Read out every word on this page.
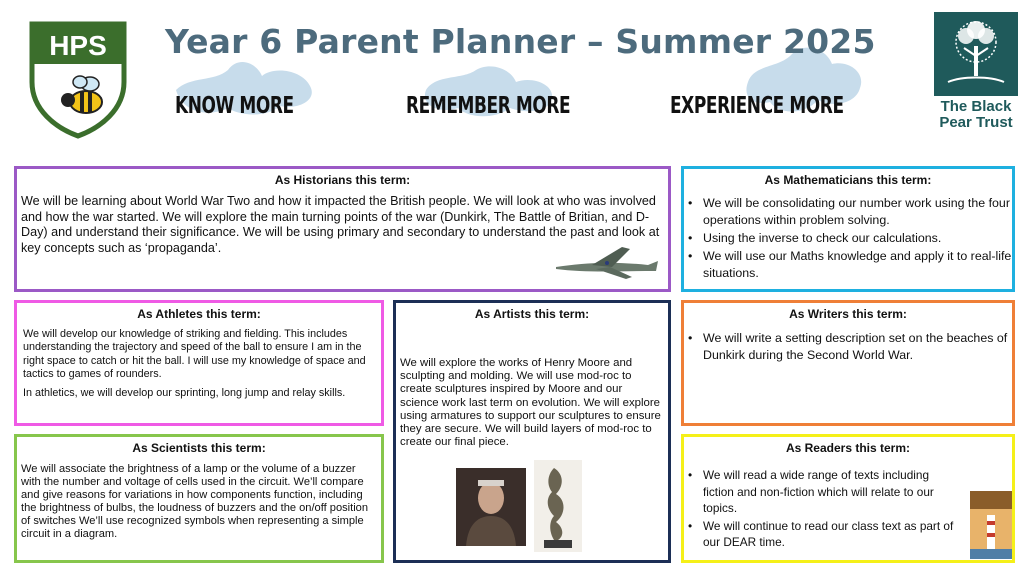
HPS Year 6 Parent Planner – Summer 2025
KNOW MORE	REMEMBER MORE	EXPERIENCE MORE	The Black Pear Trust
As Historians this term:

We will be learning about World War Two and how it impacted the British people. We will look at who was involved and how the war started. We will explore the main turning points of the war (Dunkirk, The Battle of Britian, and D-Day) and understand their significance. We will be using primary and secondary to understand the past and look at key concepts such as ‘propaganda’.

As Mathematicians this term:
• We will be consolidating our number work using the four operations within problem solving.
• Using the inverse to check our calculations.
• We will use our Maths knowledge and apply it to real-life situations.
As Athletes this term:

We will develop our knowledge of striking and fielding. This includes understanding the trajectory and speed of the ball to ensure I am in the right space to catch or hit the ball. I will use my knowledge of space and tactics to games of rounders.

In athletics, we will develop our sprinting, long jump and relay skills.

As Artists this term:

We will explore the works of Henry Moore and sculpting and molding. We will use mod-roc to create sculptures inspired by Moore and our science work last term on evolution. We will explore using armatures to support our sculptures to ensure they are secure. We will build layers of mod-roc to create our final piece.

As Writers this term:
• We will write a setting description set on the beaches of Dunkirk during the Second World War.
As Scientists this term:

We will associate the brightness of a lamp or the volume of a buzzer with the number and voltage of cells used in the circuit. We’ll compare and give reasons for variations in how components function, including the brightness of bulbs, the loudness of buzzers and the on/off position of switches We’ll use recognized symbols when representing a simple circuit in a diagram.

As Readers this term:
• We will read a wide range of texts including fiction and non-fiction which will relate to our topics.
• We will continue to read our class text as part of our DEAR time.
